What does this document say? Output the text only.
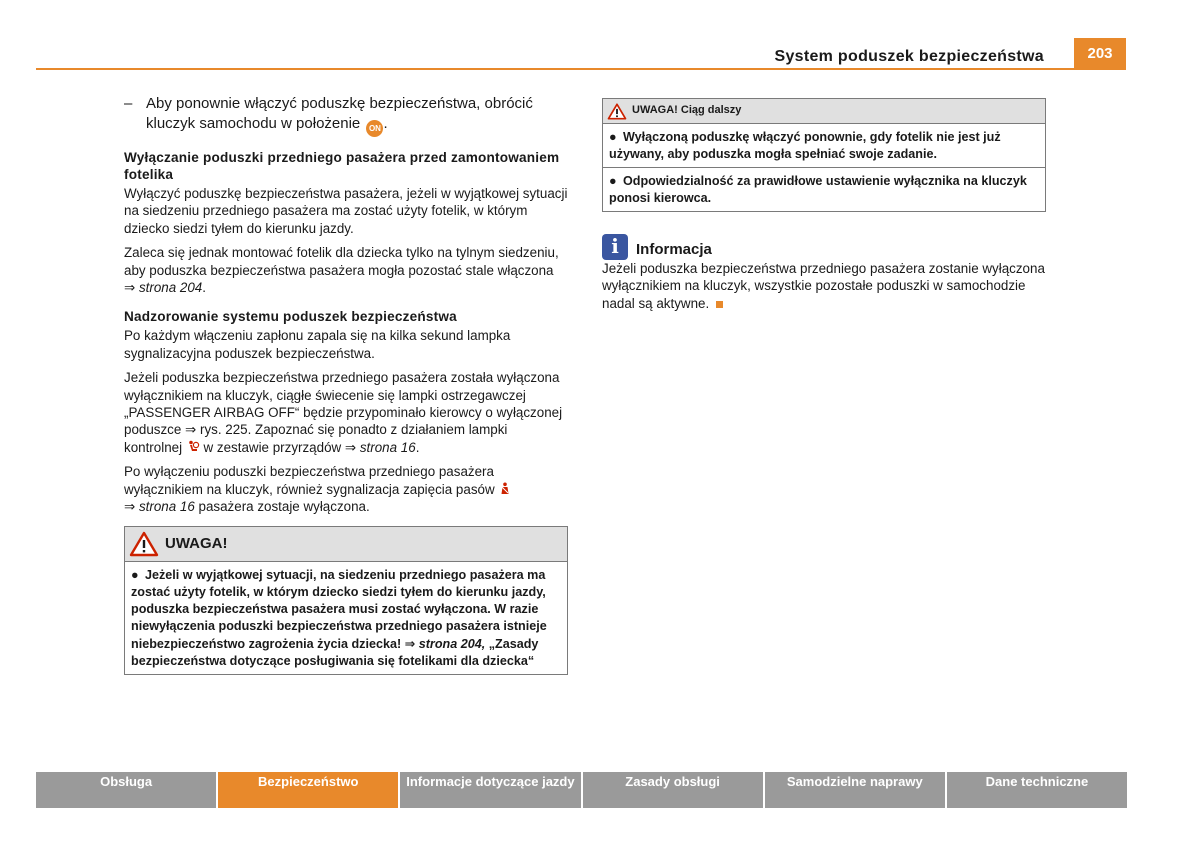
System poduszek bezpieczeństwa	203
– Aby ponownie włączyć poduszkę bezpieczeństwa, obrócić kluczyk samochodu w położenie ON .
Wyłączanie poduszki przedniego pasażera przed zamontowaniem fotelika

Wyłączyć poduszkę bezpieczeństwa pasażera, jeżeli w wyjątkowej sytuacji na siedzeniu przedniego pasażera ma zostać użyty fotelik, w którym dziecko siedzi tyłem do kierunku jazdy.

Zaleca się jednak montować fotelik dla dziecka tylko na tylnym siedzeniu, aby poduszka bezpieczeństwa pasażera mogła pozostać stale włączona ⇒ strona 204.

Nadzorowanie systemu poduszek bezpieczeństwa

Po każdym włączeniu zapłonu zapala się na kilka sekund lampka sygnalizacyjna poduszek bezpieczeństwa.

Jeżeli poduszka bezpieczeństwa przedniego pasażera została wyłączona wyłącznikiem na kluczyk, ciągłe świecenie się lampki ostrzegawczej „PASSENGER AIRBAG OFF“ będzie przypominało kierowcy o wyłączonej poduszce ⇒ rys. 225. Zapoznać się ponadto z działaniem lampki kontrolnej  w zestawie przyrządów ⇒ strona 16.

Po wyłączeniu poduszki bezpieczeństwa przedniego pasażera wyłącznikiem na kluczyk, również sygnalizacja zapięcia pasów
⇒ strona 16 pasażera zostaje wyłączona.

UWAGA!
● Jeżeli w wyjątkowej sytuacji, na siedzeniu przedniego pasażera ma zostać użyty fotelik, w którym dziecko siedzi tyłem do kierunku jazdy, poduszka bezpieczeństwa pasażera musi zostać wyłączona. W razie niewyłączenia poduszki bezpieczeństwa przedniego pasażera istnieje niebezpieczeństwo zagrożenia życia dziecka! ⇒ strona 204, „Zasady bezpieczeństwa dotyczące posługiwania się fotelikami dla dziecka“
UWAGA! Ciąg dalszy
● Wyłączoną poduszkę włączyć ponownie, gdy fotelik nie jest już używany, aby poduszka mogła spełniać swoje zadanie.
● Odpowiedzialność za prawidłowe ustawienie wyłącznika na kluczyk ponosi kierowca.
i	Informacja

Jeżeli poduszka bezpieczeństwa przedniego pasażera zostanie wyłączona wyłącznikiem na kluczyk, wszystkie pozostałe poduszki w samochodzie nadal są aktywne.

Obsługa	Bezpieczeństwo	Informacje dotyczące jazdy	Zasady obsługi	Samodzielne naprawy	Dane techniczne
